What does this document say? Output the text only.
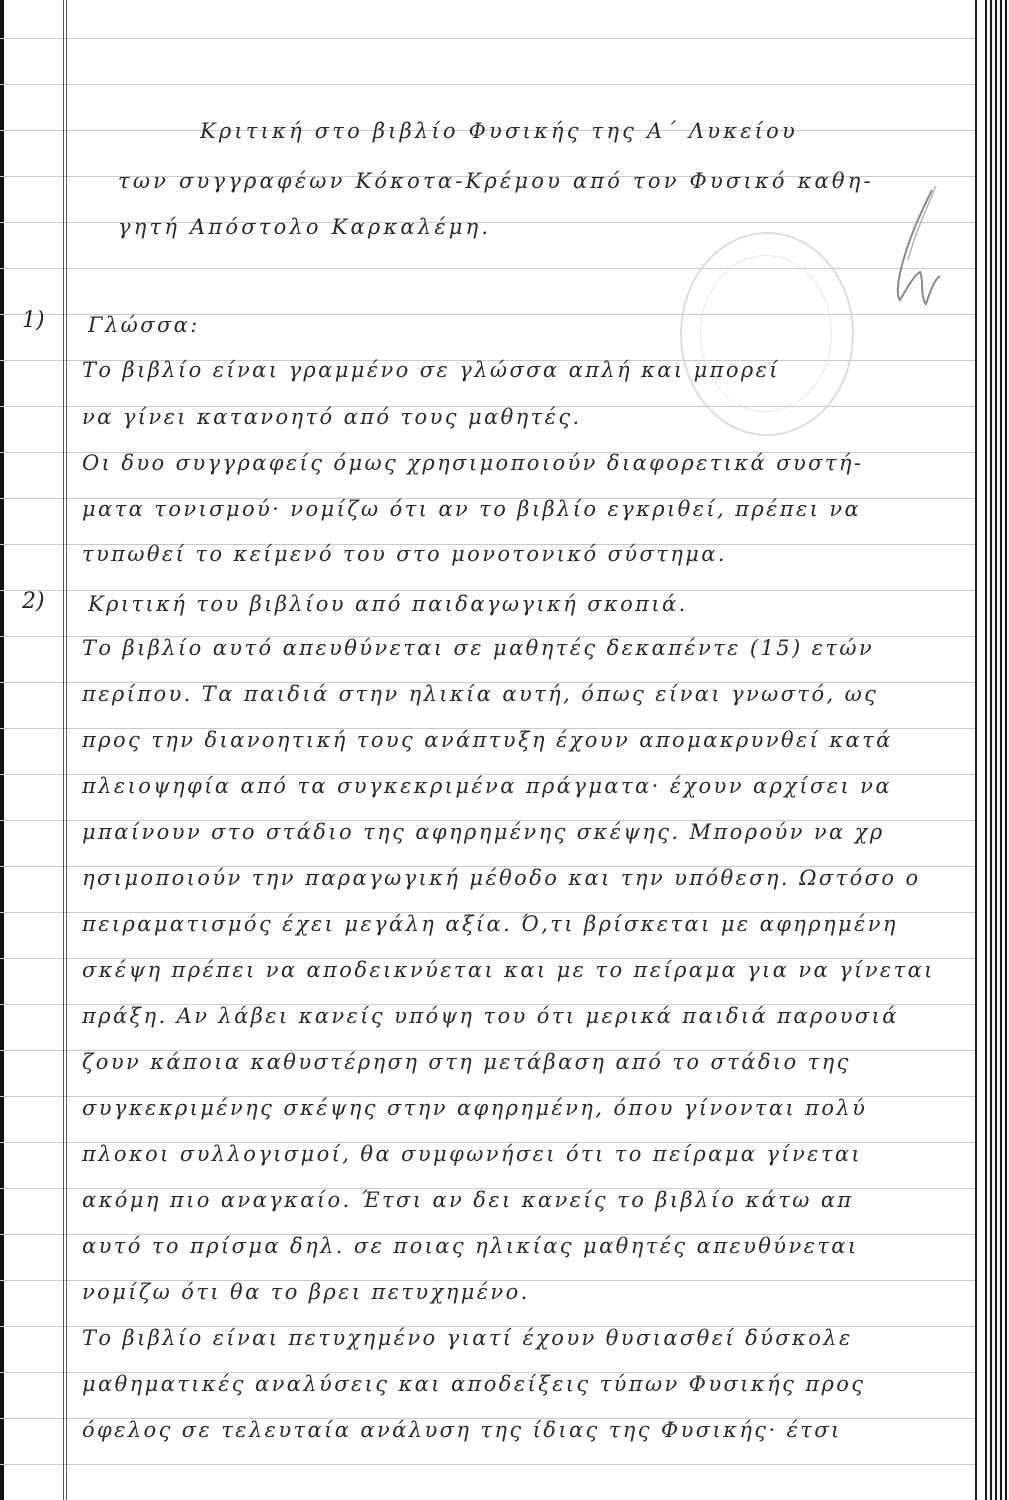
Κριτική στο βιβλίο Φυσικής της Α΄ Λυκείου
των συγγραφέων Κόκοτα-Κρέμου από τον Φυσικό καθη-
γητή Απόστολο Καρκαλέμη.
1) Γλώσσα:
Το βιβλίο είναι γραμμένο σε γλώσσα απλή και μπορεί
να γίνει κατανοητό από τους μαθητές.
Οι δυο συγγραφείς όμως χρησιμοποιούν διαφορετικά συστή-
ματα τονισμού· νομίζω ότι αν το βιβλίο εγκριθεί, πρέπει να
τυπωθεί το κείμενό του στο μονοτονικό σύστημα.
2) Κριτική του βιβλίου από παιδαγωγική σκοπιά.
Το βιβλίο αυτό απευθύνεται σε μαθητές δεκαπέντε (15) ετών
περίπου. Τα παιδιά στην ηλικία αυτή, όπως είναι γνωστό, ως
προς την διανοητική τους ανάπτυξη έχουν απομακρυνθεί κατά
πλειοψηφία από τα συγκεκριμένα πράγματα· έχουν αρχίσει να
μπαίνουν στο στάδιο της αφηρημένης σκέψης. Μπορούν να χρ
ησιμοποιούν την παραγωγική μέθοδο και την υπόθεση. Ωστόσο ο
πειραματισμός έχει μεγάλη αξία. Ό,τι βρίσκεται με αφηρημένη
σκέψη πρέπει να αποδεικνύεται και με το πείραμα για να γίνεται
πράξη. Αν λάβει κανείς υπόψη του ότι μερικά παιδιά παρουσιά
ζουν κάποια καθυστέρηση στη μετάβαση από το στάδιο της
συγκεκριμένης σκέψης στην αφηρημένη, όπου γίνονται πολύ
πλοκοι συλλογισμοί, θα συμφωνήσει ότι το πείραμα γίνεται
ακόμη πιο αναγκαίο. Έτσι αν δει κανείς το βιβλίο κάτω απ
αυτό το πρίσμα δηλ. σε ποιας ηλικίας μαθητές απευθύνεται
νομίζω ότι θα το βρει πετυχημένο.
Το βιβλίο είναι πετυχημένο γιατί έχουν θυσιασθεί δύσκολε
μαθηματικές αναλύσεις και αποδείξεις τύπων Φυσικής προς
όφελος σε τελευταία ανάλυση της ίδιας της Φυσικής· έτσι
